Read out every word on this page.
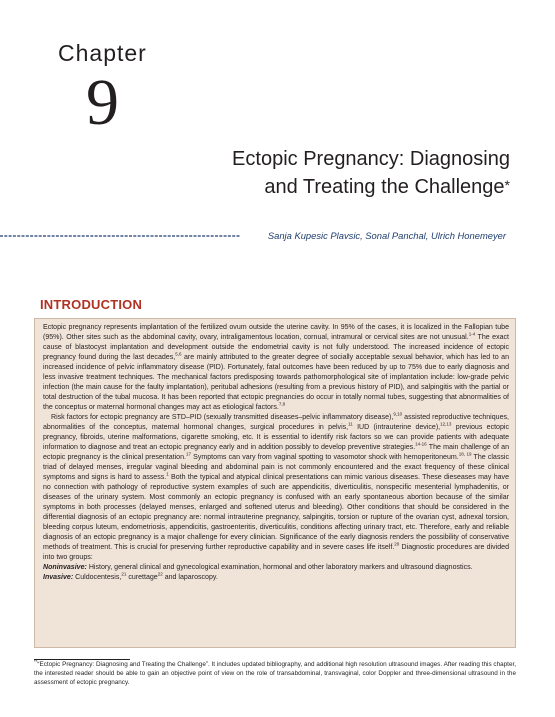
Chapter
9
Ectopic Pregnancy: Diagnosing
and Treating the Challenge*
Sanja Kupesic Plavsic, Sonal Panchal, Ulrich Honemeyer
INTRODUCTION

Ectopic pregnancy represents implantation of the fertilized ovum outside the uterine cavity. In 95% of the cases, it is localized in the Fallopian tube (95%). Other sites such as the abdominal cavity, ovary, intraligamentous location, cornual, intramural or cervical sites are not unusual.$^{1-4}$ The exact cause of blastocyst implantation and development outside the endometrial cavity is not fully understood. The increased incidence of ectopic pregnancy found during the last decades,$^{5,6}$ are mainly attributed to the greater degree of socially acceptable sexual behavior, which has led to an increased incidence of pelvic inflammatory disease (PID). Fortunately, fatal outcomes have been reduced by up to 75% due to early diagnosis and less invasive treatment techniques. The mechanical factors predisposing towards pathomorphological site of implantation include: low-grade pelvic infection (the main cause for the faulty implantation), peritubal adhesions (resulting from a previous history of PID), and salpingitis with the partial or total destruction of the tubal mucosa. It has been reported that ectopic pregnancies do occur in totally normal tubes, suggesting that abnormalities of the conceptus or maternal hormonal changes may act as etiological factors.$^{7,8}$

Risk factors for ectopic pregnancy are STD–PID (sexually transmitted diseases–pelvic inflammatory disease),$^{9,10}$ assisted reproductive techniques, abnormalities of the conceptus, maternal hormonal changes, surgical procedures in pelvis,$^{11}$ IUD (intrauterine device),$^{12,13}$ previous ectopic pregnancy, fibroids, uterine malformations, cigarette smoking, etc. It is essential to identify risk factors so we can provide patients with adequate information to diagnose and treat an ectopic pregnancy early and in addition possibly to develop preventive strategies.$^{14-16}$ The main challenge of an ectopic pregnancy is the clinical presentation.$^{17}$ Symptoms can vary from vaginal spotting to vasomotor shock with hemoperitoneum.$^{18, 19}$ The classic triad of delayed menses, irregular vaginal bleeding and abdominal pain is not commonly encountered and the exact frequency of these clinical symptoms and signs is hard to assess.$^1$ Both the typical and atypical clinical presentations can mimic various diseases. These dieseases may have no connection with pathology of reproductive system examples of such are appendicitis, diverticulitis, nonspecific mesenterial lymphadenitis, or diseases of the urinary system. Most commonly an ectopic pregnancy is confused with an early spontaneous abortion because of the similar symptoms in both processes (delayed menses, enlarged and softened uterus and bleeding). Other conditions that should be considered in the differential diagnosis of an ectopic pregnancy are: normal intrauterine pregnancy, salpingitis, torsion or rupture of the ovarian cyst, adnexal torsion, bleeding corpus luteum, endometriosis, appendicitis, gastroenteritis, diverticulitis, conditions affecting urinary tract, etc. Therefore, early and reliable diagnosis of an ectopic pregnancy is a major challenge for every clinician. Significance of the early diagnosis renders the possibility of conservative methods of treatment. This is crucial for preserving further reproductive capability and in severe cases life itself.$^{20}$ Diagnostic procedures are divided into two groups:

Noninvasive: History, general clinical and gynecological examination, hormonal and other laboratory markers and ultrasound diagnostics.

Invasive: Culdocentesis,$^{21}$ curettage$^{22}$ and laparoscopy.

**“Ectopic Pregnancy: Diagnosing and Treating the Challenge”. It includes updated bibliography, and additional high resolution ultrasound images. After reading this chapter, the interested reader should be able to gain an objective point of view on the role of transabdominal, transvaginal, color Doppler and three-dimensional ultrasound in the assessment of ectopic pregnancy.
